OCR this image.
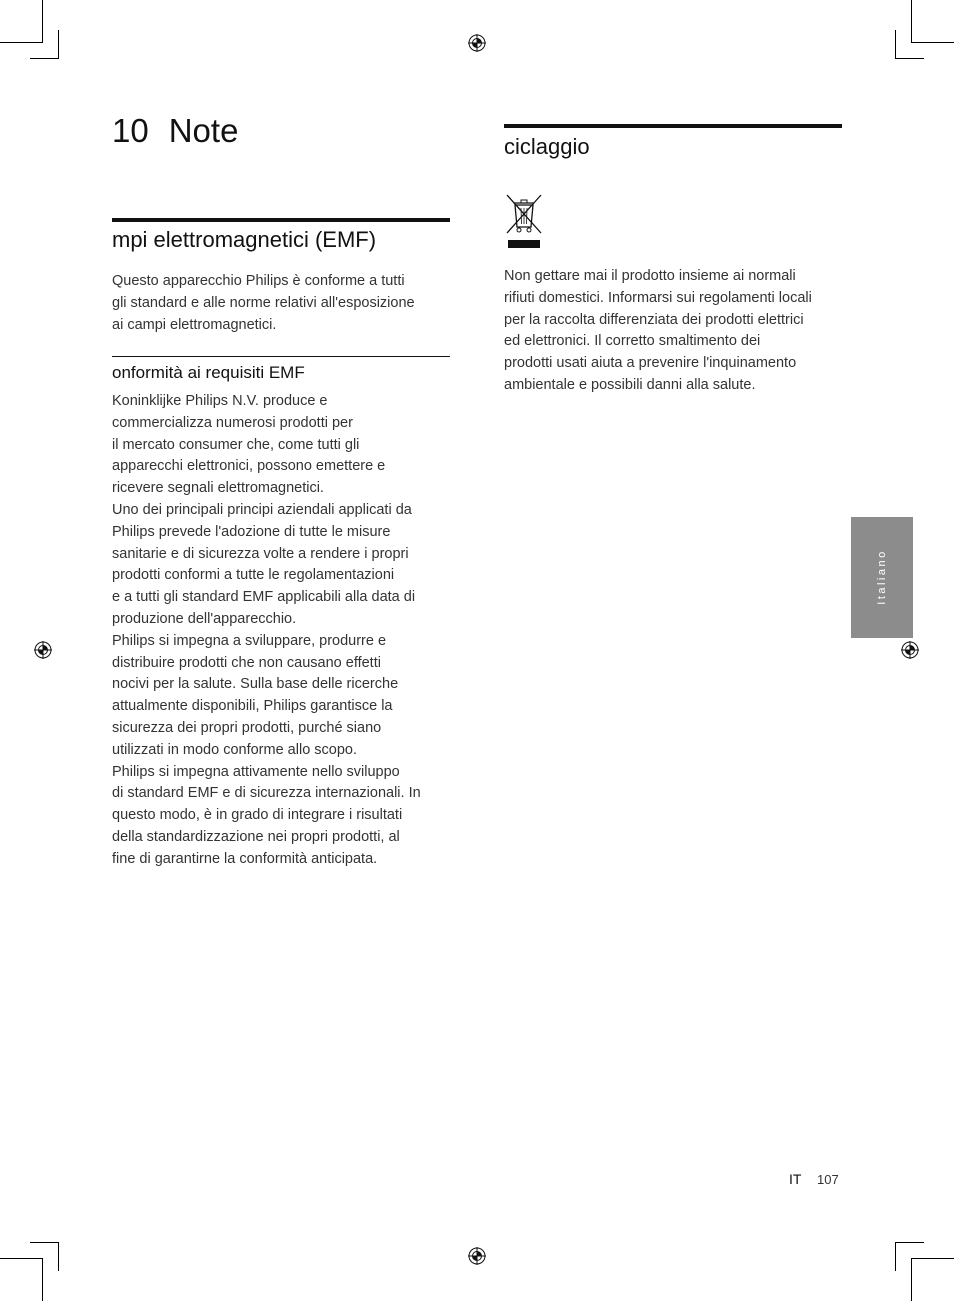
10 Note
mpi elettromagnetici (EMF)

Questo apparecchio Philips è conforme a tutti
gli standard e alle norme relativi all'esposizione
ai campi elettromagnetici.

onformità ai requisiti EMF

Koninklijke Philips N.V. produce e
commercializza numerosi prodotti per
il mercato consumer che, come tutti gli
apparecchi elettronici, possono emettere e
ricevere segnali elettromagnetici.
Uno dei principali principi aziendali applicati da
Philips prevede l'adozione di tutte le misure
sanitarie e di sicurezza volte a rendere i propri
prodotti conformi a tutte le regolamentazioni
e a tutti gli standard EMF applicabili alla data di
produzione dell'apparecchio.
Philips si impegna a sviluppare, produrre e
distribuire prodotti che non causano effetti
nocivi per la salute. Sulla base delle ricerche
attualmente disponibili, Philips garantisce la
sicurezza dei propri prodotti, purché siano
utilizzati in modo conforme allo scopo.
Philips si impegna attivamente nello sviluppo
di standard EMF e di sicurezza internazionali. In
questo modo, è in grado di integrare i risultati
della standardizzazione nei propri prodotti, al
fine di garantirne la conformità anticipata.

ciclaggio

Non gettare mai il prodotto insieme ai normali
rifiuti domestici. Informarsi sui regolamenti locali
per la raccolta differenziata dei prodotti elettrici
ed elettronici. Il corretto smaltimento dei
prodotti usati aiuta a prevenire l'inquinamento
ambientale e possibili danni alla salute.

Italiano
IT 107
